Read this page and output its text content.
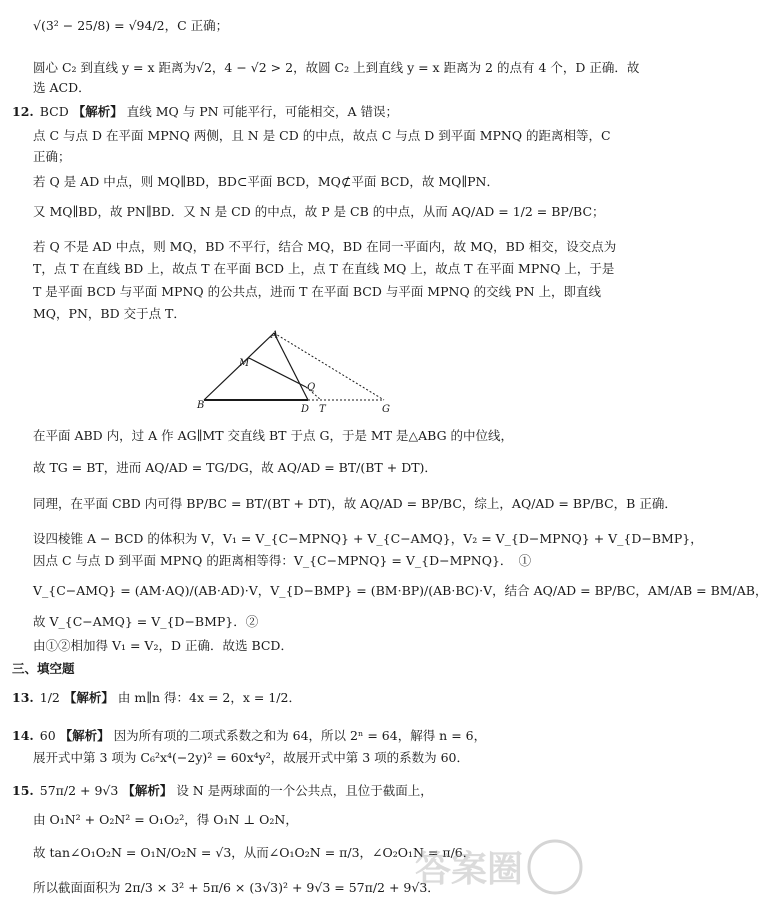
√(3² − 25/8) = √94/2，C 正确；
圆心 C₂ 到直线 y = x 距离为√2，4 − √2 > 2，故圆 C₂ 上到直线 y = x 距离为 2 的点有 4 个，D 正确．故
选 ACD．
12. BCD 【解析】 直线 MQ 与 PN 可能平行，可能相交，A 错误；
点 C 与点 D 在平面 MPNQ 两侧，且 N 是 CD 的中点，故点 C 与点 D 到平面 MPNQ 的距离相等，C
正确；
若 Q 是 AD 中点，则 MQ∥BD，BD⊂平面 BCD，MQ⊄平面 BCD，故 MQ∥PN．
又 MQ∥BD，故 PN∥BD．又 N 是 CD 的中点，故 P 是 CB 的中点，从而 AQ/AD = 1/2 = BP/BC；
若 Q 不是 AD 中点，则 MQ，BD 不平行，结合 MQ，BD 在同一平面内，故 MQ，BD 相交，设交点为
T，点 T 在直线 BD 上，故点 T 在平面 BCD 上，点 T 在直线 MQ 上，故点 T 在平面 MPNQ 上，于是
T 是平面 BCD 与平面 MPNQ 的公共点，进而 T 在平面 BCD 与平面 MPNQ 的交线 PN 上，即直线
MQ，PN，BD 交于点 T．
A
M
Q
B	D T	G
在平面 ABD 内，过 A 作 AG∥MT 交直线 BT 于点 G，于是 MT 是△ABG 的中位线，
故 TG = BT，进而 AQ/AD = TG/DG，故 AQ/AD = BT/(BT + DT)．
同理，在平面 CBD 内可得 BP/BC = BT/(BT + DT)，故 AQ/AD = BP/BC，综上，AQ/AD = BP/BC，B 正确．
设四棱锥 A − BCD 的体积为 V，V₁ = V_{C−MPNQ} + V_{C−AMQ}，V₂ = V_{D−MPNQ} + V_{D−BMP}，
因点 C 与点 D 到平面 MPNQ 的距离相等得：V_{C−MPNQ} = V_{D−MPNQ}．　①
V_{C−AMQ} = (AM·AQ)/(AB·AD)·V，V_{D−BMP} = (BM·BP)/(AB·BC)·V，结合 AQ/AD = BP/BC，AM/AB = BM/AB，
故 V_{C−AMQ} = V_{D−BMP}．②
由①②相加得 V₁ = V₂，D 正确．故选 BCD．
三、填空题
13. 1/2 【解析】 由 m∥n 得：4x = 2，x = 1/2．
14. 60 【解析】 因为所有项的二项式系数之和为 64，所以 2ⁿ = 64，解得 n = 6，
展开式中第 3 项为 C₆²x⁴(−2y)² = 60x⁴y²，故展开式中第 3 项的系数为 60．
15. 57π/2 + 9√3 【解析】 设 N 是两球面的一个公共点，且位于截面上，
由 O₁N² + O₂N² = O₁O₂²，得 O₁N ⊥ O₂N，
故 tan∠O₁O₂N = O₁N/O₂N = √3，从而∠O₁O₂N = π/3，∠O₂O₁N = π/6．
所以截面面积为 2π/3 × 3² + 5π/6 × (3√3)² + 9√3 = 57π/2 + 9√3．
答案圈
